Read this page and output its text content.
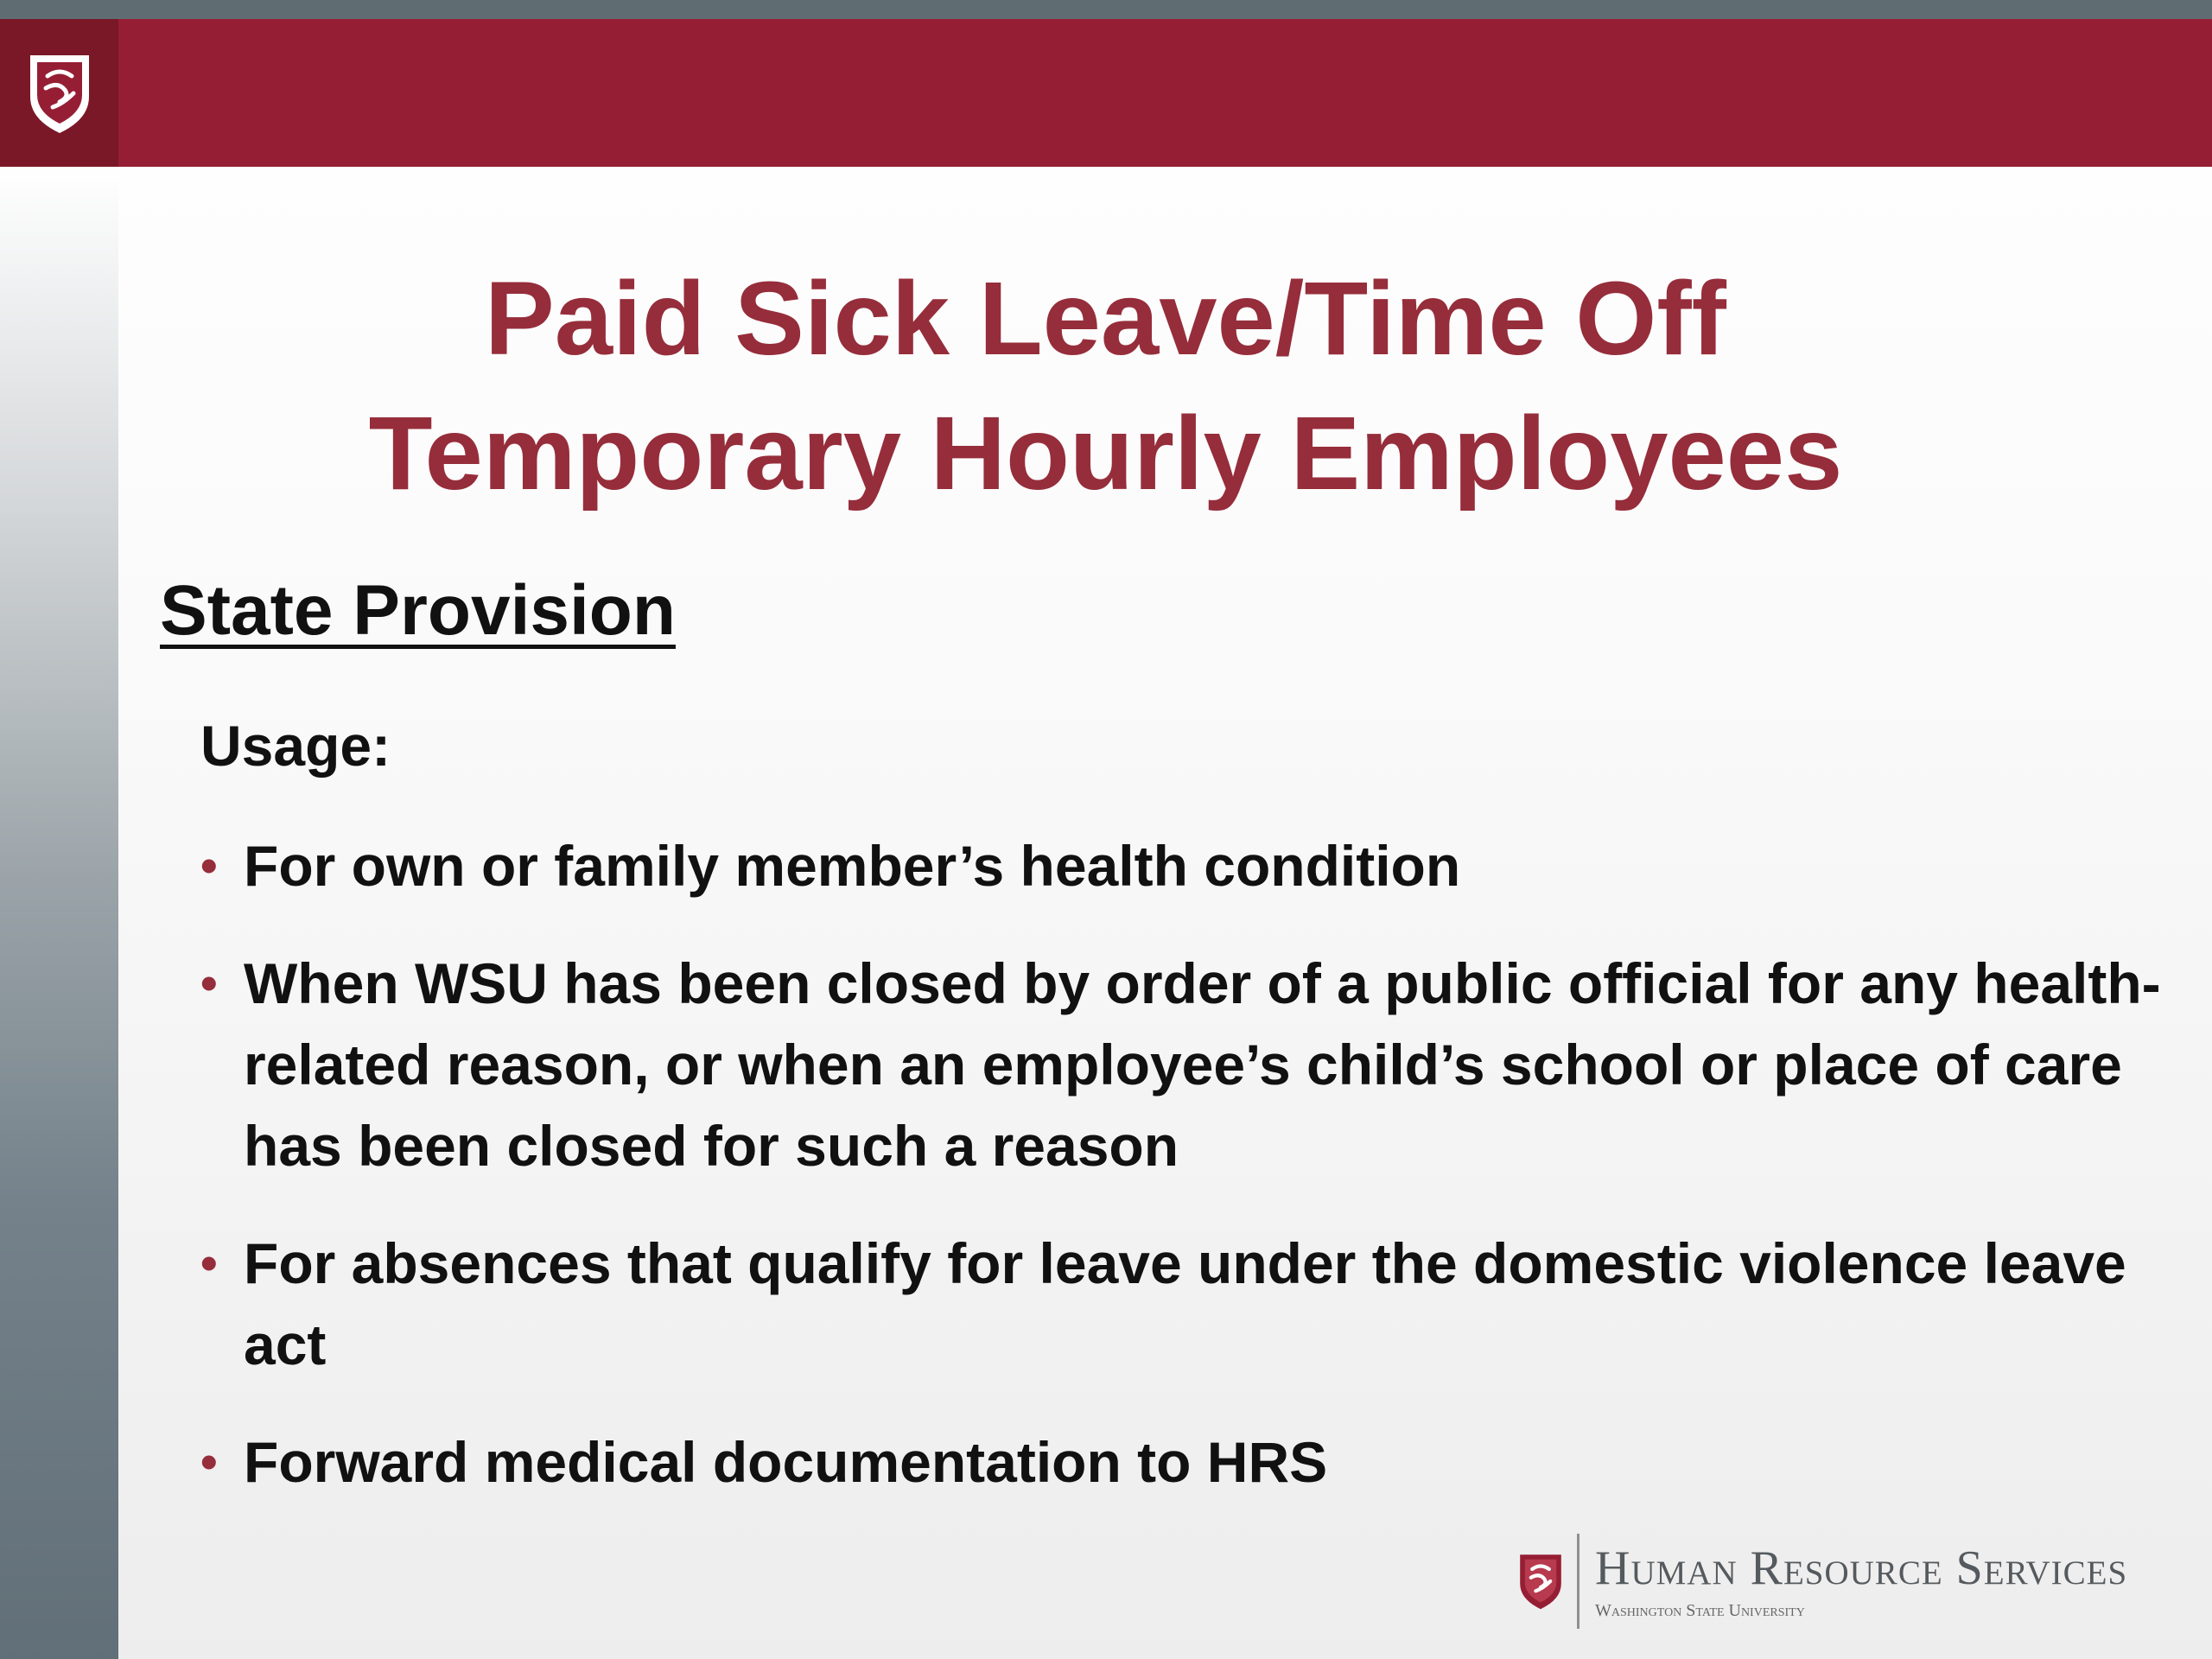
Paid Sick Leave/Time Off
Temporary Hourly Employees
State Provision
Usage:
• For own or family member’s health condition
• When WSU has been closed by order of a public official for any health-related reason, or when an employee’s child’s school or place of care has been closed for such a reason
• For absences that qualify for leave under the domestic violence leave act
• Forward medical documentation to HRS
Human Resource Services
Washington State University
